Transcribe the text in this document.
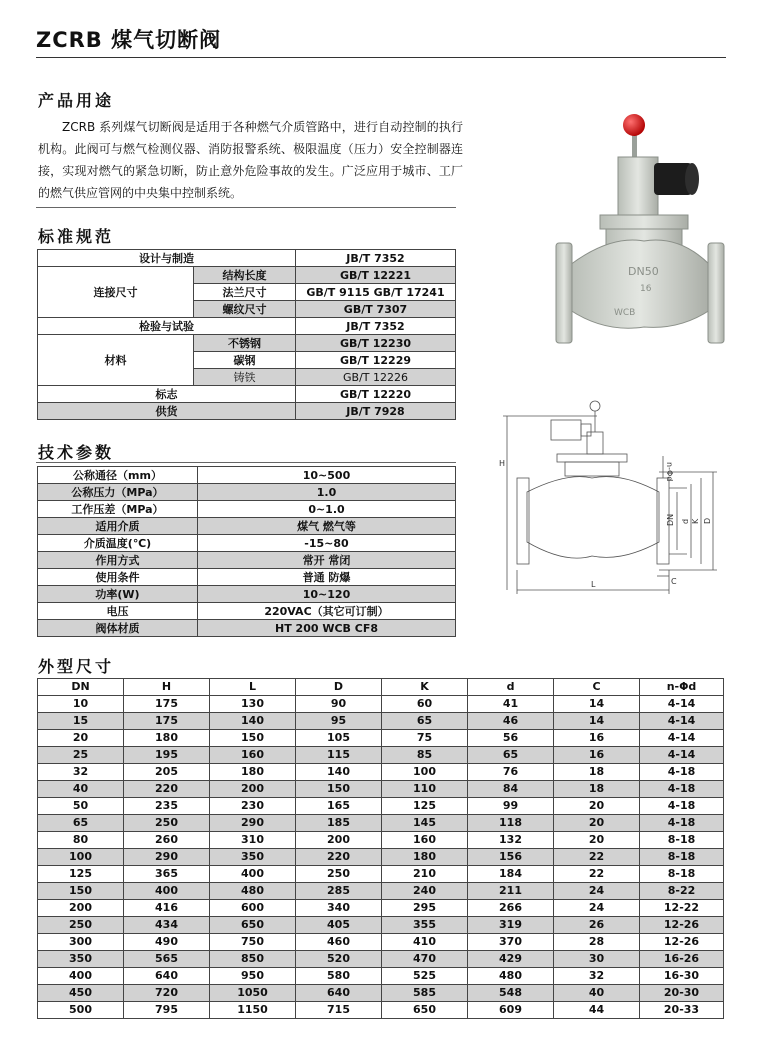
ZCRB 煤气切断阀
产品用途

ZCRB 系列煤气切断阀是适用于各种燃气介质管路中，进行自动控制的执行机构。此阀可与燃气检测仪器、消防报警系统、极限温度（压力）安全控制器连接，实现对燃气的紧急切断，防止意外危险事故的发生。广泛应用于城市、工厂的燃气供应管网的中央集中控制系统。

标准规范
设计与制造		JB/T 7352
连接尺寸	结构长度	GB/T 12221
	法兰尺寸	GB/T 9115 GB/T 17241
	螺纹尺寸	GB/T 7307
检验与试验		JB/T 7352
材料	不锈钢	GB/T 12230
	碳钢	GB/T 12229
	铸铁	GB/T 12226
标志		GB/T 12220
供货		JB/T 7928
技术参数
公称通径（mm）	10~500
公称压力（MPa）	1.0
工作压差（MPa）	0~1.0
适用介质	煤气 燃气等
介质温度(℃)	-15~80
作用方式	常开 常闭
使用条件	普通 防爆
功率(W)	10~120
电压	220VAC（其它可订制）
阀体材质	HT 200 WCB CF8
外型尺寸
DN	H	L	D	K	d	C	n-Φd
10	175	130	90	60	41	14	4-14
15	175	140	95	65	46	14	4-14
20	180	150	105	75	56	16	4-14
25	195	160	115	85	65	16	4-14
32	205	180	140	100	76	18	4-18
40	220	200	150	110	84	18	4-18
50	235	230	165	125	99	20	4-18
65	250	290	185	145	118	20	4-18
80	260	310	200	160	132	20	8-18
100	290	350	220	180	156	22	8-18
125	365	400	250	210	184	22	8-18
150	400	480	285	240	211	24	8-22
200	416	600	340	295	266	24	12-22
250	434	650	405	355	319	26	12-26
300	490	750	460	410	370	28	12-26
350	565	850	520	470	429	30	16-26
400	640	950	580	525	480	32	16-30
450	720	1050	640	585	548	40	20-30
500	795	1150	715	650	609	44	20-33
DN50
16
WCB
H	n-Φd
DN d K D
C
L
